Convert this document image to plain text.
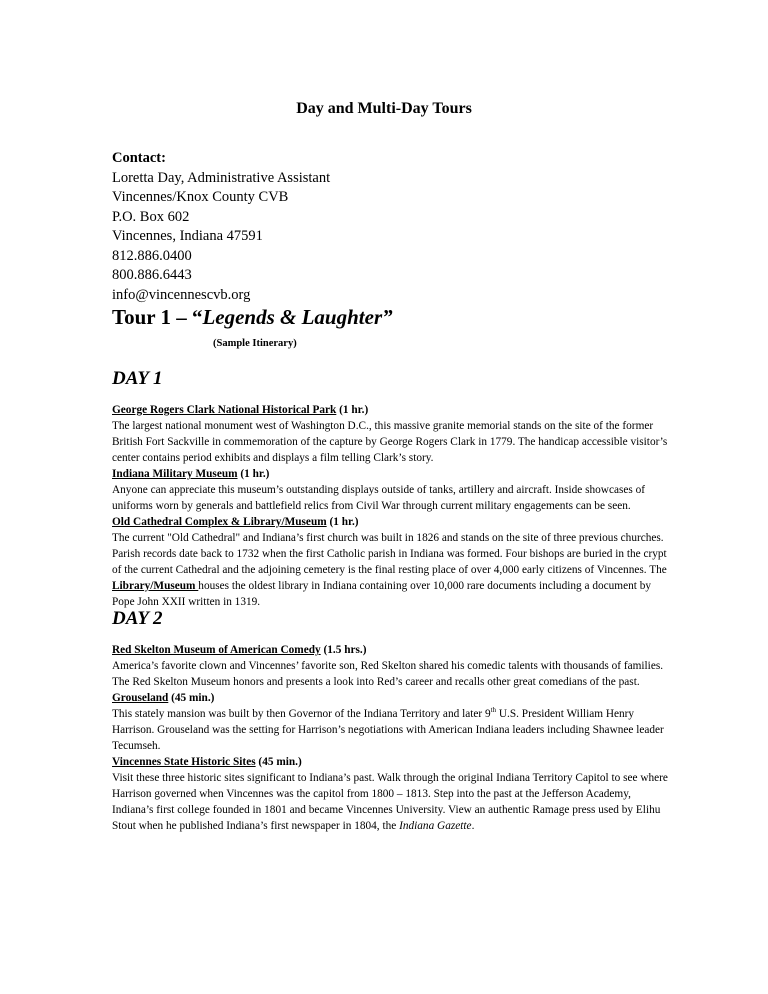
Day and Multi-Day Tours
Contact:
Loretta Day, Administrative Assistant
Vincennes/Knox County CVB
P.O. Box 602
Vincennes, Indiana 47591
812.886.0400
800.886.6443
info@vincennescvb.org
Tour 1 – “Legends & Laughter”
(Sample Itinerary)
DAY 1

George Rogers Clark National Historical Park (1 hr.)

The largest national monument west of Washington D.C., this massive granite memorial stands on the site of the former British Fort Sackville in commemoration of the capture by George Rogers Clark in 1779. The handicap accessible visitor’s center contains period exhibits and displays a film telling Clark’s story.

Indiana Military Museum (1 hr.)

Anyone can appreciate this museum’s outstanding displays outside of tanks, artillery and aircraft. Inside showcases of uniforms worn by generals and battlefield relics from Civil War through current military engagements can be seen.

Old Cathedral Complex & Library/Museum (1 hr.)

The current "Old Cathedral" and Indiana’s first church was built in 1826 and stands on the site of three previous churches. Parish records date back to 1732 when the first Catholic parish in Indiana was formed. Four bishops are buried in the crypt of the current Cathedral and the adjoining cemetery is the final resting place of over 4,000 early citizens of Vincennes. The Library/Museum houses the oldest library in Indiana containing over 10,000 rare documents including a document by Pope John XXII written in 1319.

DAY 2

Red Skelton Museum of American Comedy (1.5 hrs.)

America’s favorite clown and Vincennes’ favorite son, Red Skelton shared his comedic talents with thousands of families. The Red Skelton Museum honors and presents a look into Red’s career and recalls other great comedians of the past.

Grouseland (45 min.)

This stately mansion was built by then Governor of the Indiana Territory and later 9th U.S. President William Henry Harrison. Grouseland was the setting for Harrison’s negotiations with American Indiana leaders including Shawnee leader Tecumseh.

Vincennes State Historic Sites (45 min.)

Visit these three historic sites significant to Indiana’s past. Walk through the original Indiana Territory Capitol to see where Harrison governed when Vincennes was the capitol from 1800 – 1813. Step into the past at the Jefferson Academy, Indiana’s first college founded in 1801 and became Vincennes University. View an authentic Ramage press used by Elihu Stout when he published Indiana’s first newspaper in 1804, the Indiana Gazette.
